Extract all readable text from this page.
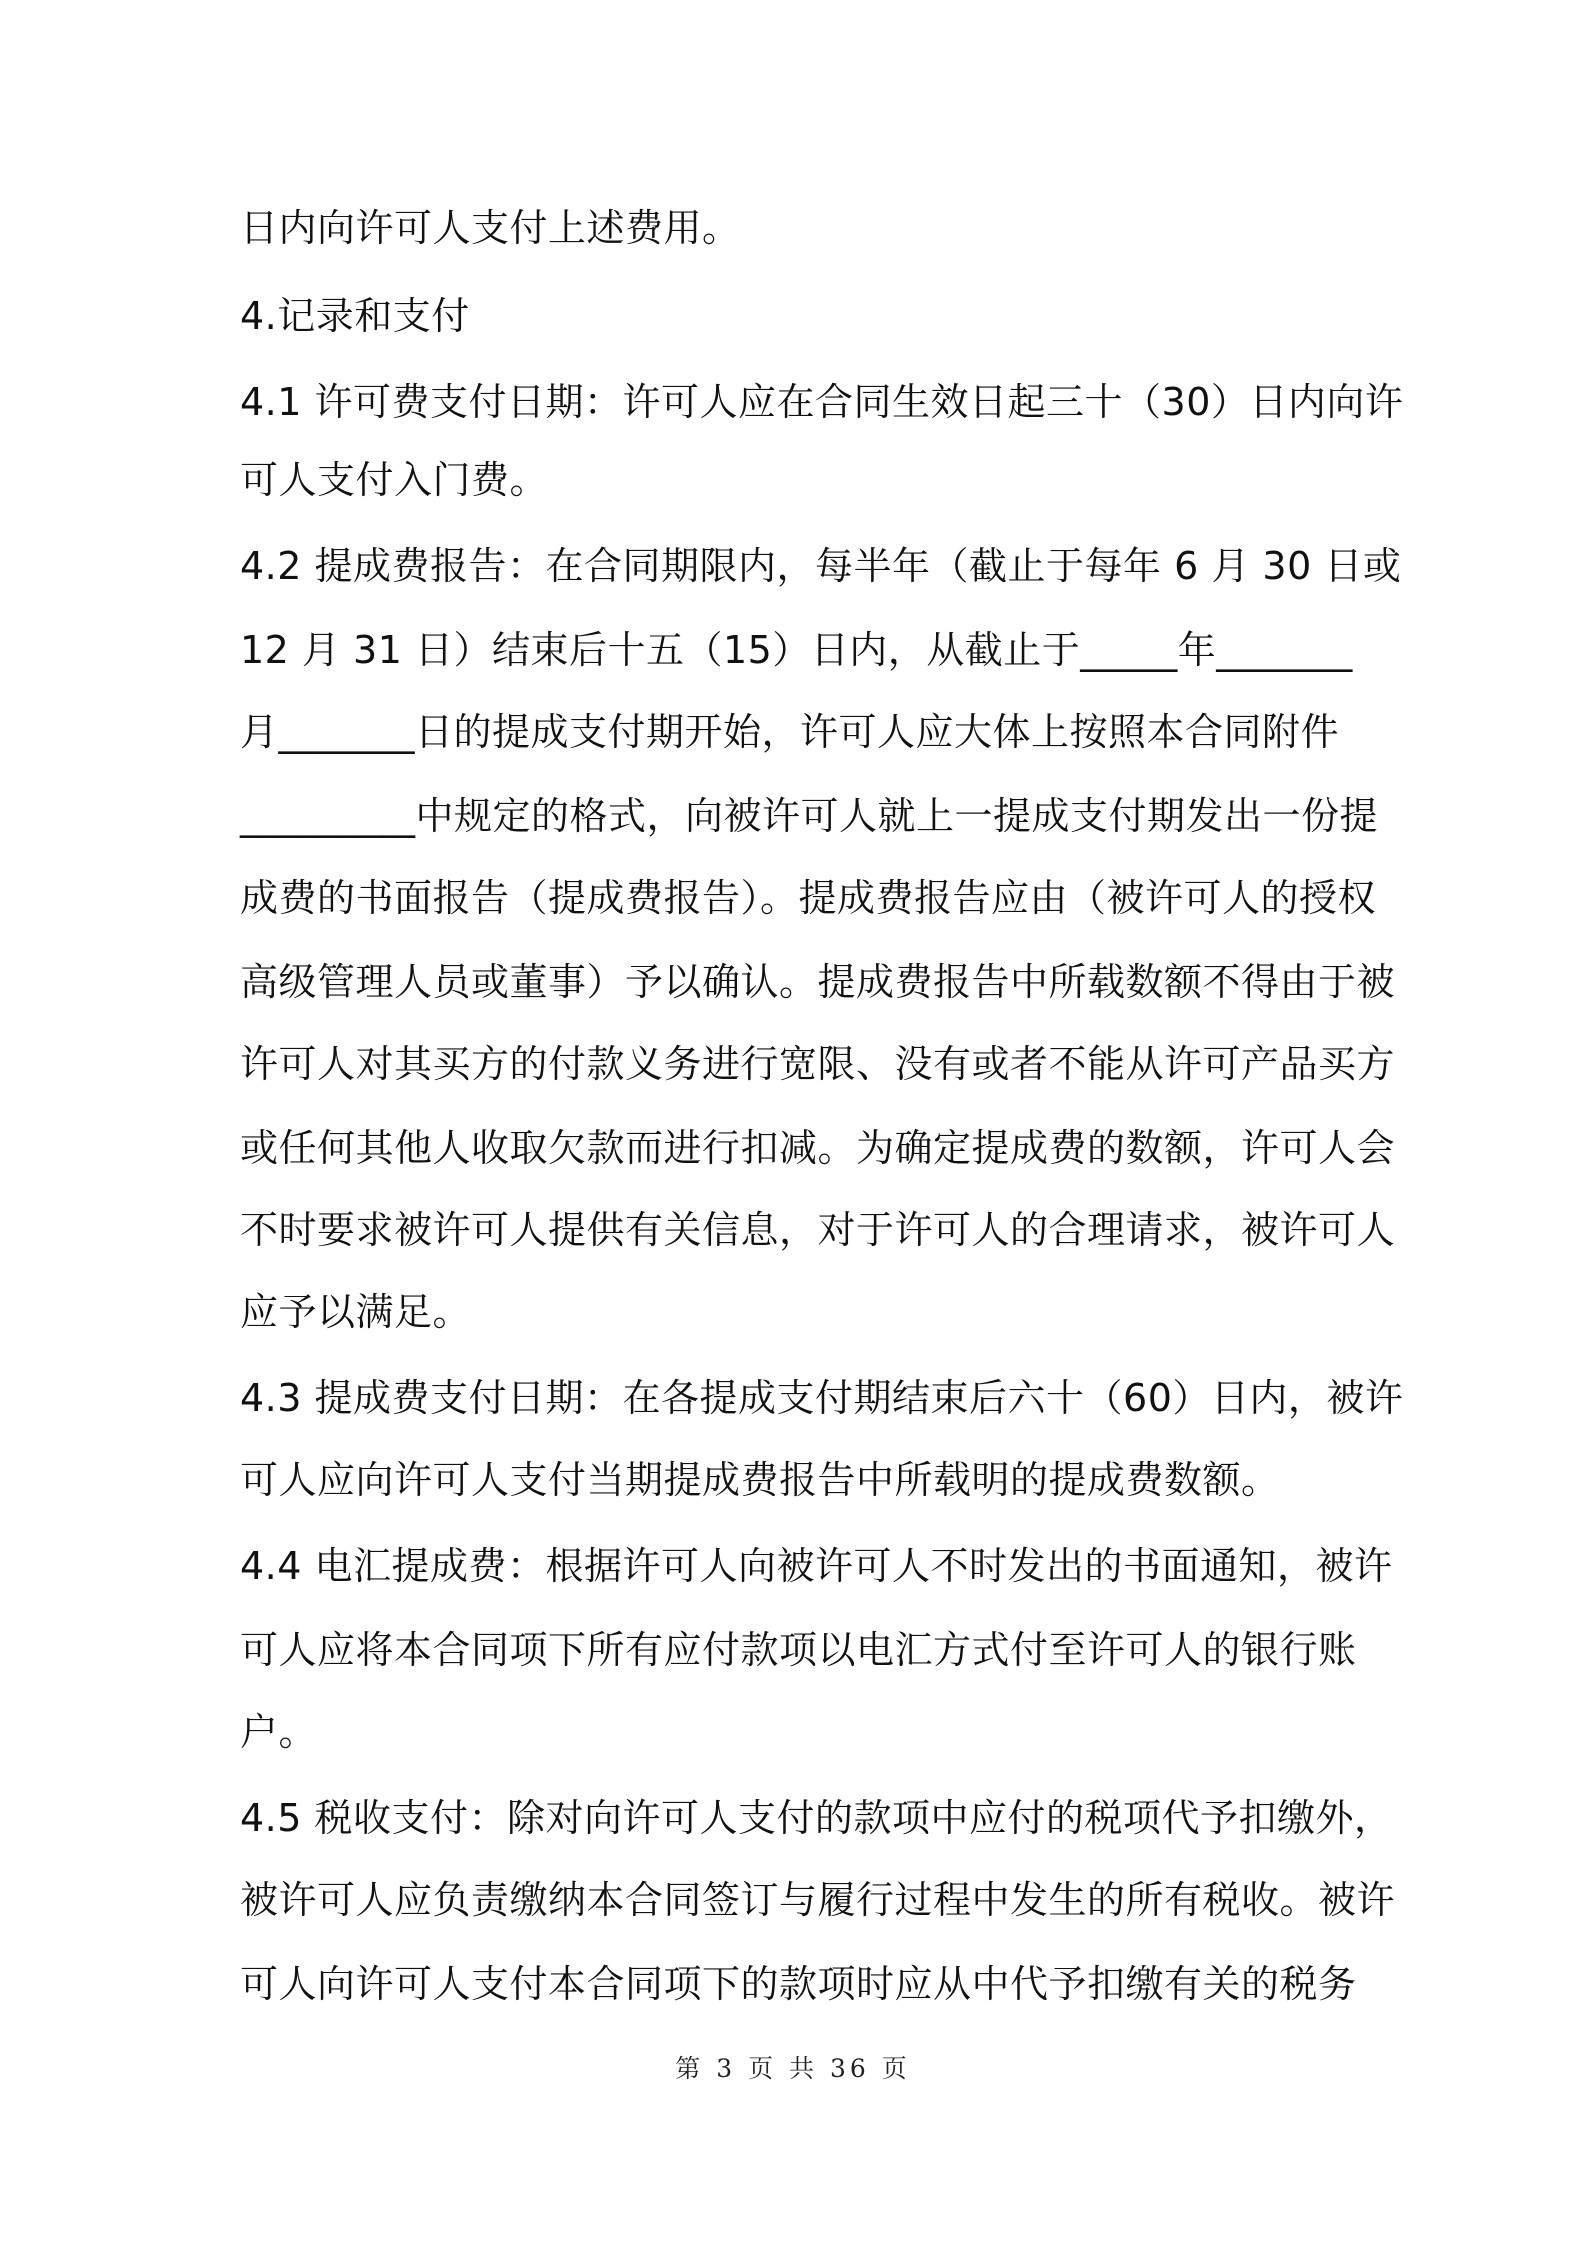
日内向许可人支付上述费用。

4.记录和支付

4.1 许可费支付日期：许可人应在合同生效日起三十（30）日内向许

可人支付入门费。

4.2 提成费报告：在合同期限内，每半年（截止于每年 6 月 30 日或

12 月 31 日）结束后十五（15）日内，从截止于_____年_______

月_______日的提成支付期开始，许可人应大体上按照本合同附件

_________中规定的格式，向被许可人就上一提成支付期发出一份提

成费的书面报告（提成费报告）。提成费报告应由（被许可人的授权

高级管理人员或董事）予以确认。提成费报告中所载数额不得由于被

许可人对其买方的付款义务进行宽限、没有或者不能从许可产品买方

或任何其他人收取欠款而进行扣减。为确定提成费的数额，许可人会

不时要求被许可人提供有关信息，对于许可人的合理请求，被许可人

应予以满足。

4.3 提成费支付日期：在各提成支付期结束后六十（60）日内，被许

可人应向许可人支付当期提成费报告中所载明的提成费数额。

4.4 电汇提成费：根据许可人向被许可人不时发出的书面通知，被许

可人应将本合同项下所有应付款项以电汇方式付至许可人的银行账

户。

4.5 税收支付：除对向许可人支付的款项中应付的税项代予扣缴外，

被许可人应负责缴纳本合同签订与履行过程中发生的所有税收。被许

可人向许可人支付本合同项下的款项时应从中代予扣缴有关的税务

第 3 页 共 36 页
